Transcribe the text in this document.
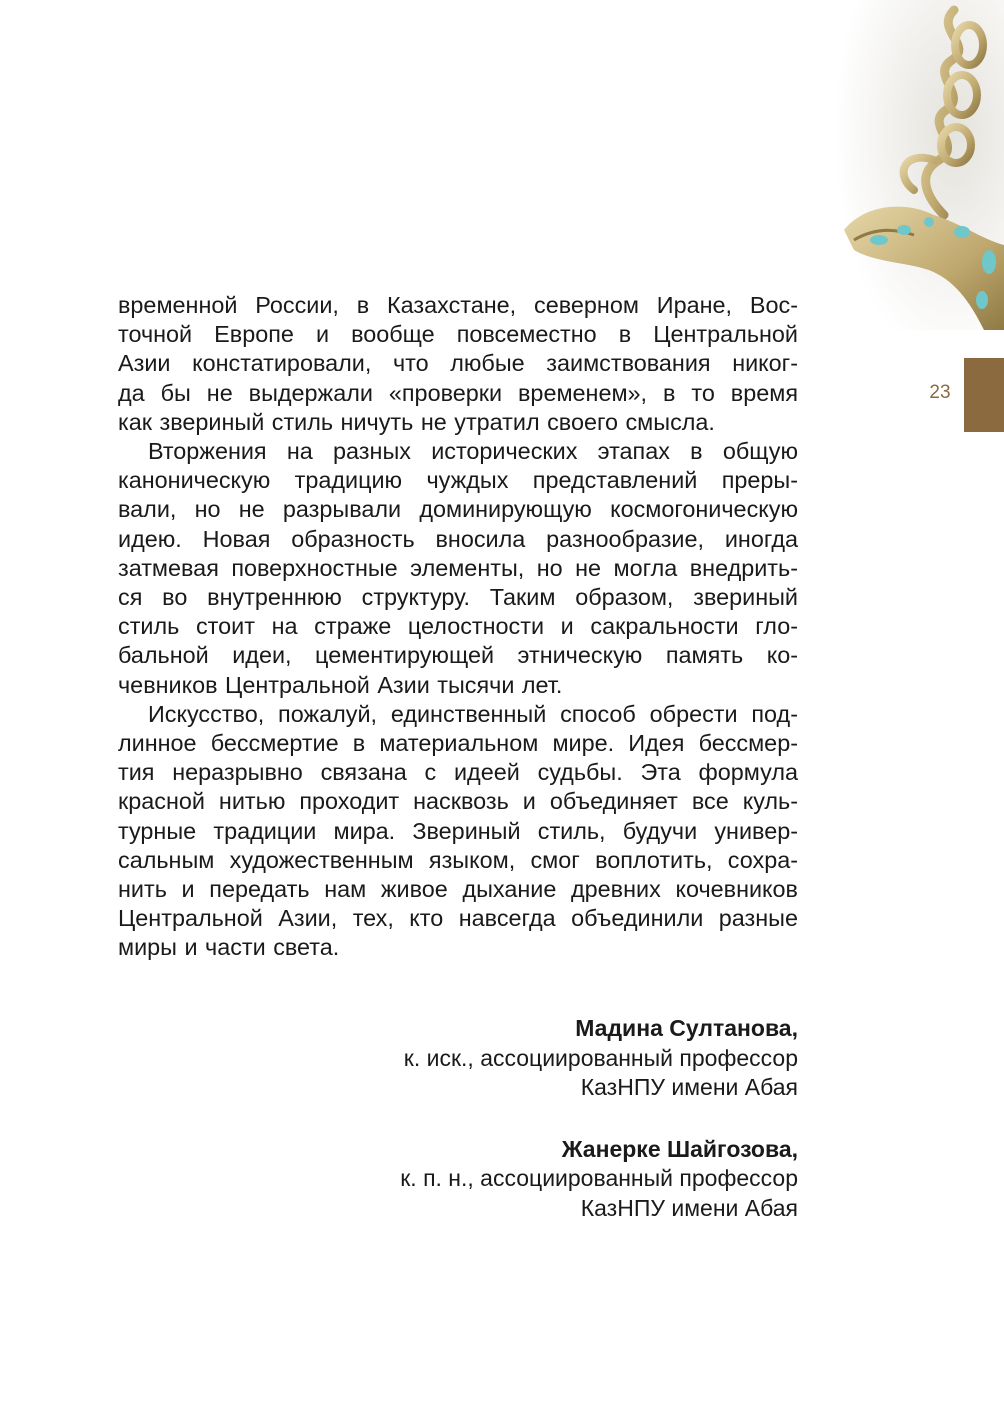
23

временной России, в Казахстане, северном Иране, Вос-

точной Европе и вообще повсеместно в Центральной

Азии констатировали, что любые заимствования никог-

да бы не выдержали «проверки временем», в то время

как звериный стиль ничуть не утратил своего смысла.

Вторжения на разных исторических этапах в общую

каноническую традицию чуждых представлений преры-

вали, но не разрывали доминирующую космогоническую

идею. Новая образность вносила разнообразие, иногда

затмевая поверхностные элементы, но не могла внедрить-

ся во внутреннюю структуру. Таким образом, звериный

стиль стоит на страже целостности и сакральности гло-

бальной идеи, цементирующей этническую память ко-

чевников Центральной Азии тысячи лет.

Искусство, пожалуй, единственный способ обрести под-

линное бессмертие в материальном мире. Идея бессмер-

тия неразрывно связана с идеей судьбы. Эта формула

красной нитью проходит насквозь и объединяет все куль-

турные традиции мира. Звериный стиль, будучи универ-

сальным художественным языком, смог воплотить, сохра-

нить и передать нам живое дыхание древних кочевников

Центральной Азии, тех, кто навсегда объединили разные

миры и части света.

Мадина Султанова,
к. иск., ассоциированный профессор
КазНПУ имени Абая
Жанерке Шайгозова,
к. п. н., ассоциированный профессор
КазНПУ имени Абая
